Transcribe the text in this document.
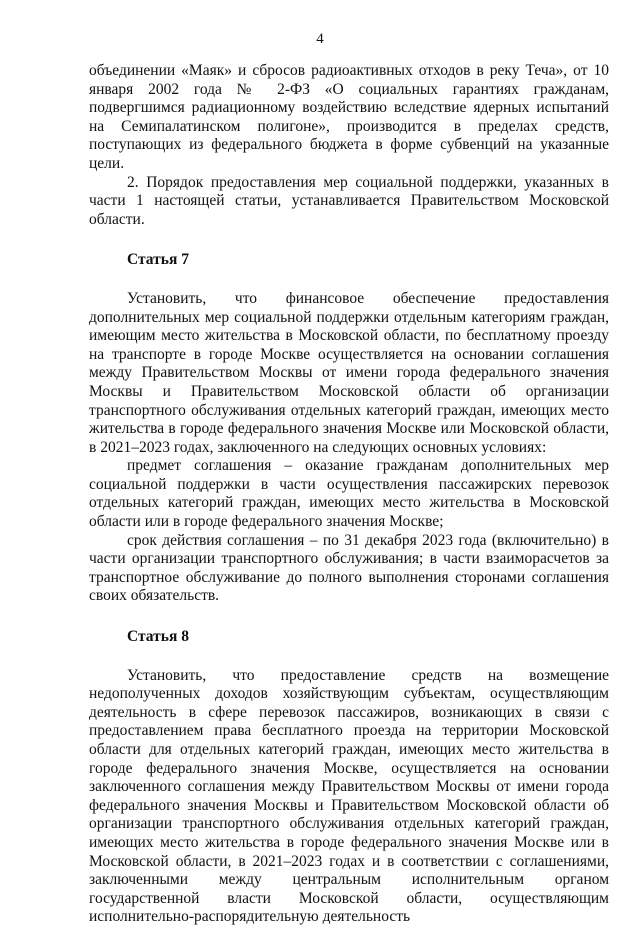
4

объединении «Маяк» и сбросов радиоактивных отходов в реку Теча», от 10 января 2002 года № 2-ФЗ «О социальных гарантиях гражданам, подвергшимся радиационному воздействию вследствие ядерных испытаний на Семипалатинском полигоне», производится в пределах средств, поступающих из федерального бюджета в форме субвенций на указанные цели.

2. Порядок предоставления мер социальной поддержки, указанных в части 1 настоящей статьи, устанавливается Правительством Московской области.

Статья 7

Установить, что финансовое обеспечение предоставления дополнительных мер социальной поддержки отдельным категориям граждан, имеющим место жительства в Московской области, по бесплатному проезду на транспорте в городе Москве осуществляется на основании соглашения между Правительством Москвы от имени города федерального значения Москвы и Правительством Московской области об организации транспортного обслуживания отдельных категорий граждан, имеющих место жительства в городе федерального значения Москве или Московской области, в 2021–2023 годах, заключенного на следующих основных условиях:

предмет соглашения – оказание гражданам дополнительных мер социальной поддержки в части осуществления пассажирских перевозок отдельных категорий граждан, имеющих место жительства в Московской области или в городе федерального значения Москве;

срок действия соглашения – по 31 декабря 2023 года (включительно) в части организации транспортного обслуживания; в части взаиморасчетов за транспортное обслуживание до полного выполнения сторонами соглашения своих обязательств.

Статья 8

Установить, что предоставление средств на возмещение недополученных доходов хозяйствующим субъектам, осуществляющим деятельность в сфере перевозок пассажиров, возникающих в связи с предоставлением права бесплатного проезда на территории Московской области для отдельных категорий граждан, имеющих место жительства в городе федерального значения Москве, осуществляется на основании заключенного соглашения между Правительством Москвы от имени города федерального значения Москвы и Правительством Московской области об организации транспортного обслуживания отдельных категорий граждан, имеющих место жительства в городе федерального значения Москве или в Московской области, в 2021–2023 годах и в соответствии с соглашениями, заключенными между центральным исполнительным органом государственной власти Московской области, осуществляющим исполнительно-распорядительную деятельность
